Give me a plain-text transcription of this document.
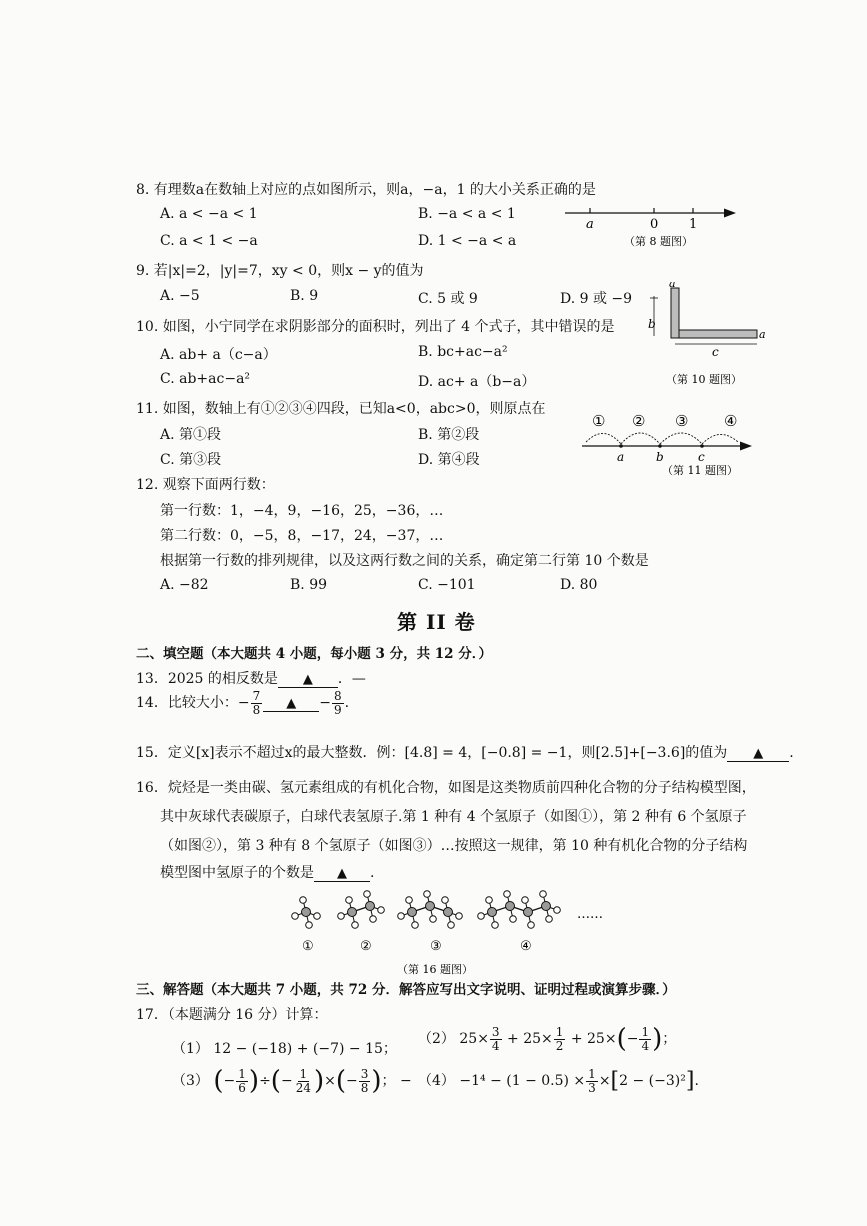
8. 有理数a在数轴上对应的点如图所示，则a，−a，1 的大小关系正确的是
A. a < −a < 1	B. −a < a < 1
C. a < 1 < −a	D. 1 < −a < a
a	0 1
（第 8 题图）
9. 若|x|=2，|y|=7，xy < 0，则x − y的值为
A. −5	B. 9	C. 5 或 9	D. 9 或 −9
10. 如图，小宁同学在求阴影部分的面积时，列出了 4 个式子，其中错误的是
A. ab+ a（c−a）	B. bc+ac−a²
C. ab+ac−a²	D. ac+ a（b−a）
a
b
c
a
（第 10 题图）
11. 如图，数轴上有①②③④四段，已知a<0，abc>0，则原点在
A. 第①段	B. 第②段
C. 第③段	D. 第④段
① ② ③ ④
a	b	c
（第 11 题图）
12. 观察下面两行数：
第一行数：1，−4，9，−16，25，−36，…
第二行数：0，−5，8，−17，24，−37，…
根据第一行数的排列规律，以及这两行数之间的关系，确定第二行第 10 个数是
A. −82	B. 99	C. −101	D. 80
第 II 卷
二、填空题（本大题共 4 小题，每小题 3 分，共 12 分．）
13．2025 的相反数是 ▲ ．—
14．比较大小：− $\frac{7}{8}$ ▲ − $\frac{8}{9}$ .
15．定义[x]表示不超过x的最大整数．例：[4.8] = 4，[−0.8] = −1，则[2.5]+[−3.6]的值为 ▲ .
16．烷烃是一类由碳、氢元素组成的有机化合物，如图是这类物质前四种化合物的分子结构模型图，
其中灰球代表碳原子，白球代表氢原子.第 1 种有 4 个氢原子（如图①），第 2 种有 6 个氢原子
（如图②），第 3 种有 8 个氢原子（如图③）…按照这一规律，第 10 种有机化合物的分子结构
模型图中氢原子的个数是 ▲ .
①	②	③	④
……
（第 16 题图）
三、解答题（本大题共 7 小题，共 72 分．解答应写出文字说明、证明过程或演算步骤．）
17．（本题满分 16 分）计算：
（1） 12 − (−18) + (−7) − 15；
（2） $25\times \frac{3}{4} + 25\times \frac{1}{2} + 25\times(- \frac{1}{4}$ )；
（3） (− $\frac{1}{6}$ )÷(− $\frac{1}{24}$ )×(− $\frac{3}{8}$ )； − $(4) -1^4 - (1 - 0.5) \times \frac{1}{3} \times[2 - (-3)^2]$.
